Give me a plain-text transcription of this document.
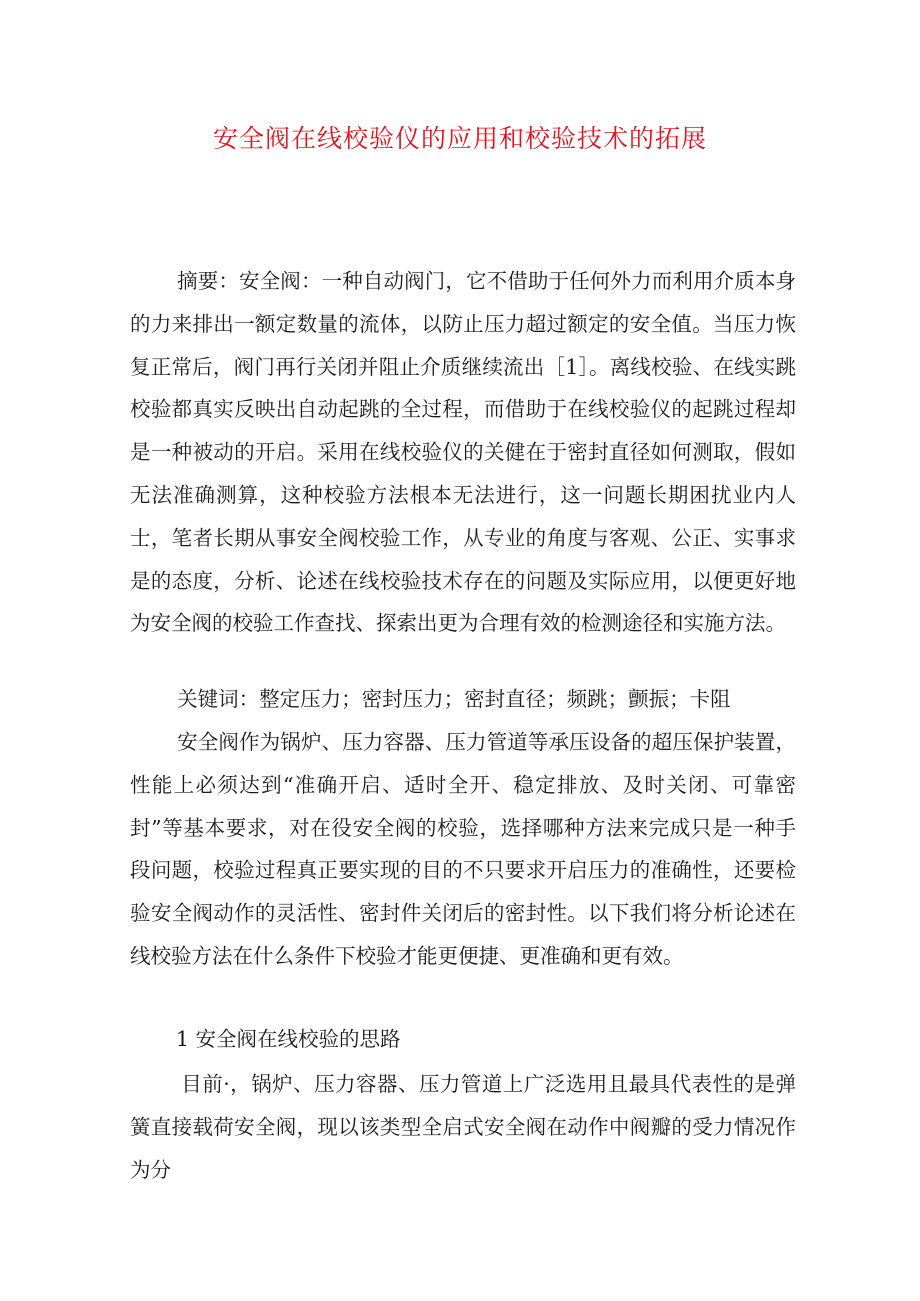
安全阀在线校验仪的应用和校验技术的拓展
摘要：安全阀：一种自动阀门，它不借助于任何外力而利用介质本身的力来排出一额定数量的流体，以防止压力超过额定的安全值。当压力恢复正常后，阀门再行关闭并阻止介质继续流出［1］。离线校验、在线实跳校验都真实反映出自动起跳的全过程，而借助于在线校验仪的起跳过程却是一种被动的开启。采用在线校验仪的关健在于密封直径如何测取，假如无法准确测算，这种校验方法根本无法进行，这一问题长期困扰业内人士，笔者长期从事安全阀校验工作，从专业的角度与客观、公正、实事求是的态度，分析、论述在线校验技术存在的问题及实际应用，以便更好地为安全阀的校验工作查找、探索出更为合理有效的检测途径和实施方法。
关键词：整定压力；密封压力；密封直径；频跳；颤振；卡阻
安全阀作为锅炉、压力容器、压力管道等承压设备的超压保护装置，性能上必须达到“准确开启、适时全开、稳定排放、及时关闭、可靠密封”等基本要求，对在役安全阀的校验，选择哪种方法来完成只是一种手段问题，校验过程真正要实现的目的不只要求开启压力的准确性，还要检验安全阀动作的灵活性、密封件关闭后的密封性。以下我们将分析论述在线校验方法在什么条件下校验才能更便捷、更准确和更有效。
1 安全阀在线校验的思路
目前·，锅炉、压力容器、压力管道上广泛选用且最具代表性的是弹簧直接载荷安全阀，现以该类型全启式安全阀在动作中阀瓣的受力情况作为分
